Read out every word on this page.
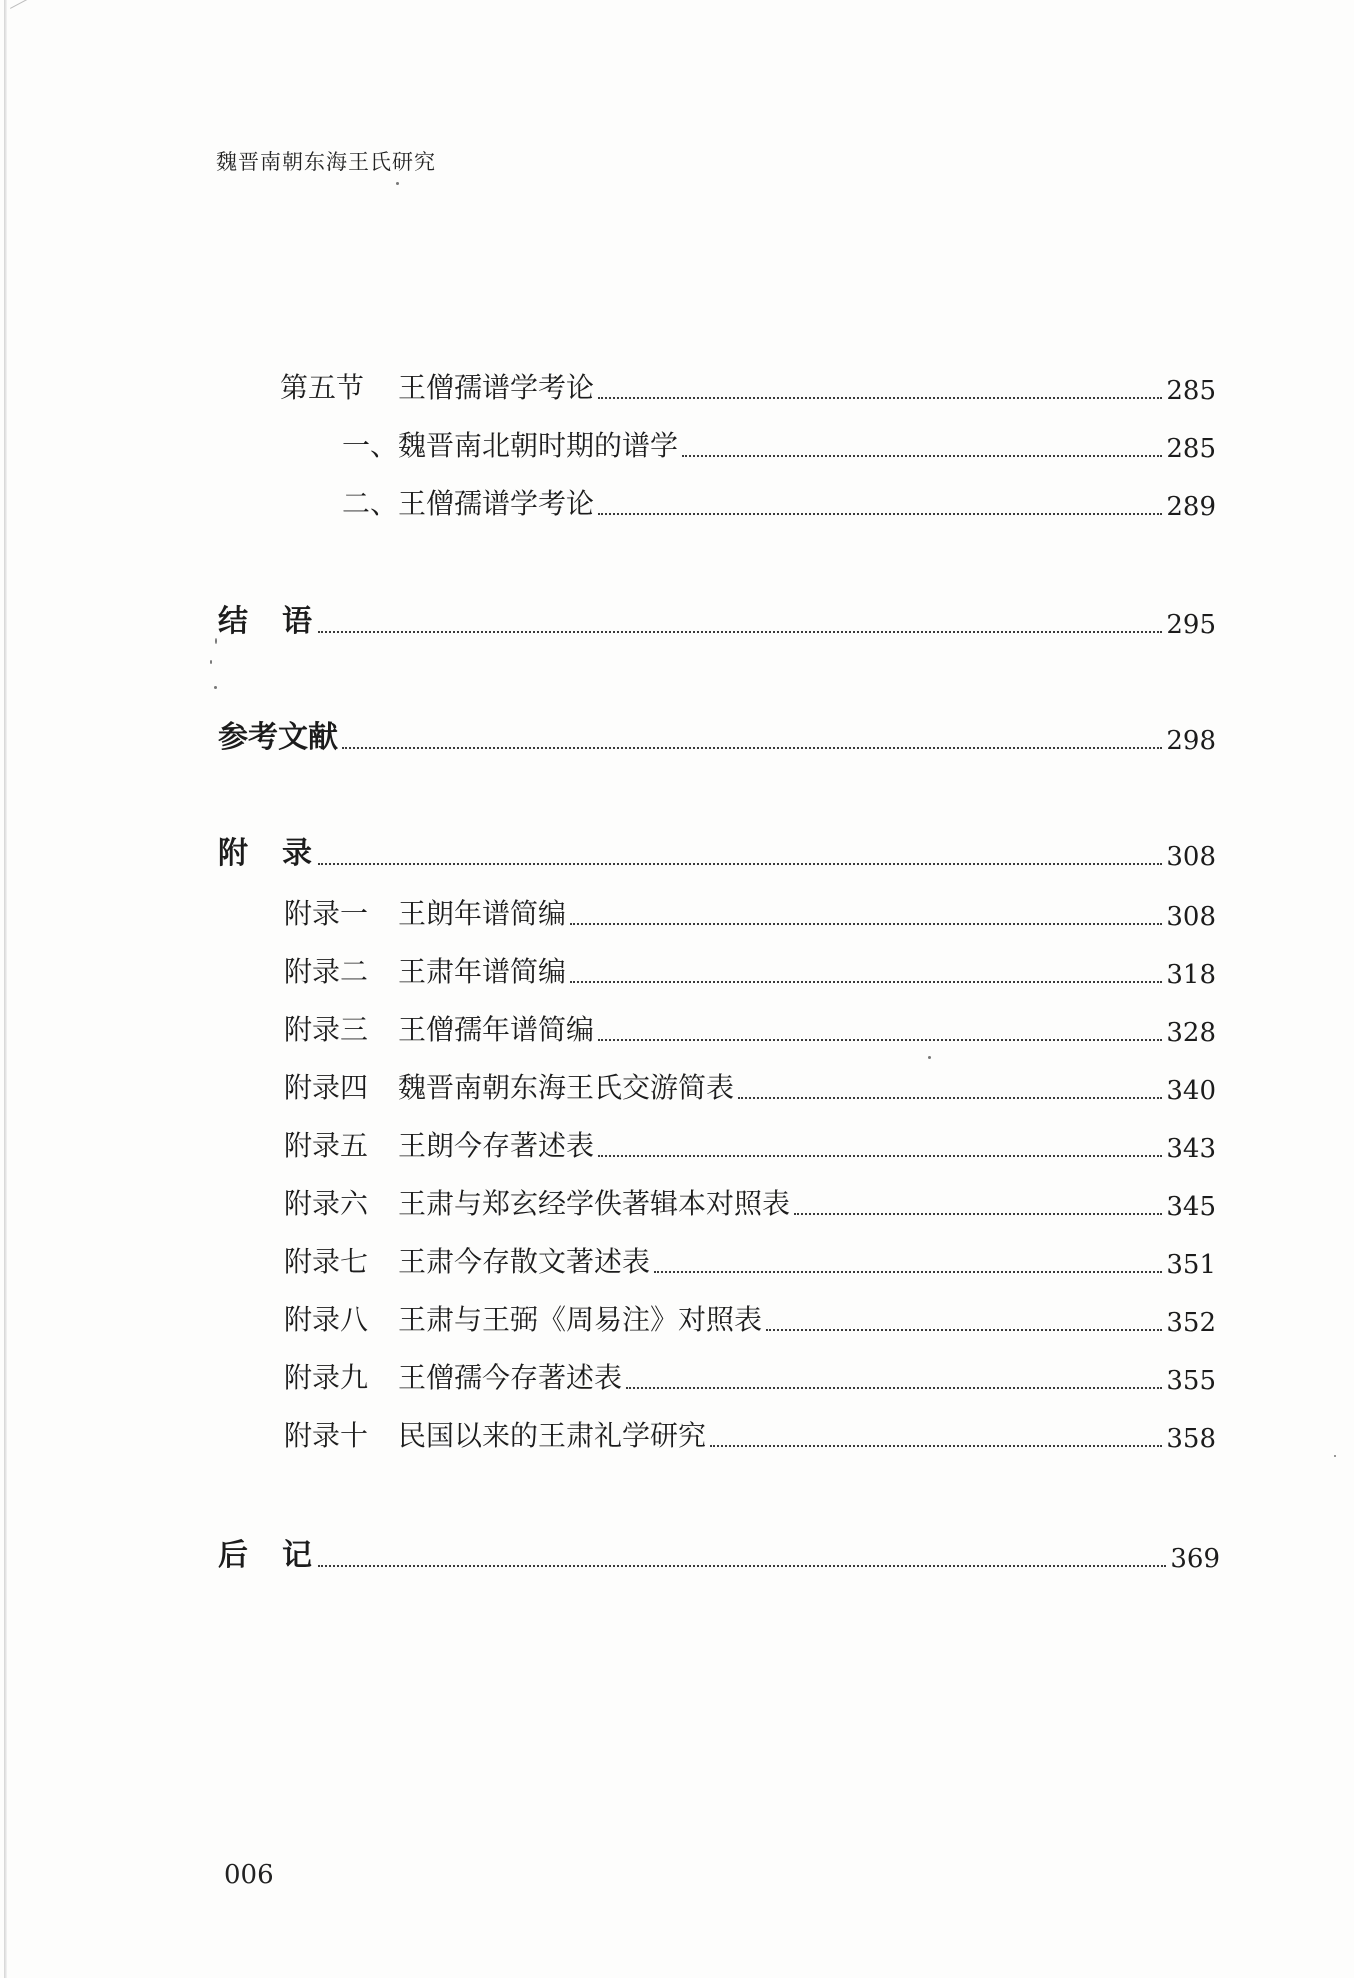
魏晋南朝东海王氏研究
第五节 王僧孺谱学考论	285
一、魏晋南北朝时期的谱学	285
二、王僧孺谱学考论	289
结　语	295
参考文献	298
附　录	308
附录一 王朗年谱简编	308
附录二 王肃年谱简编	318
附录三 王僧孺年谱简编	328
附录四 魏晋南朝东海王氏交游简表	340
附录五 王朗今存著述表	343
附录六 王肃与郑玄经学佚著辑本对照表	345
附录七 王肃今存散文著述表	351
附录八 王肃与王弼《周易注》对照表	352
附录九 王僧孺今存著述表	355
附录十 民国以来的王肃礼学研究	358
后　记	369
006
